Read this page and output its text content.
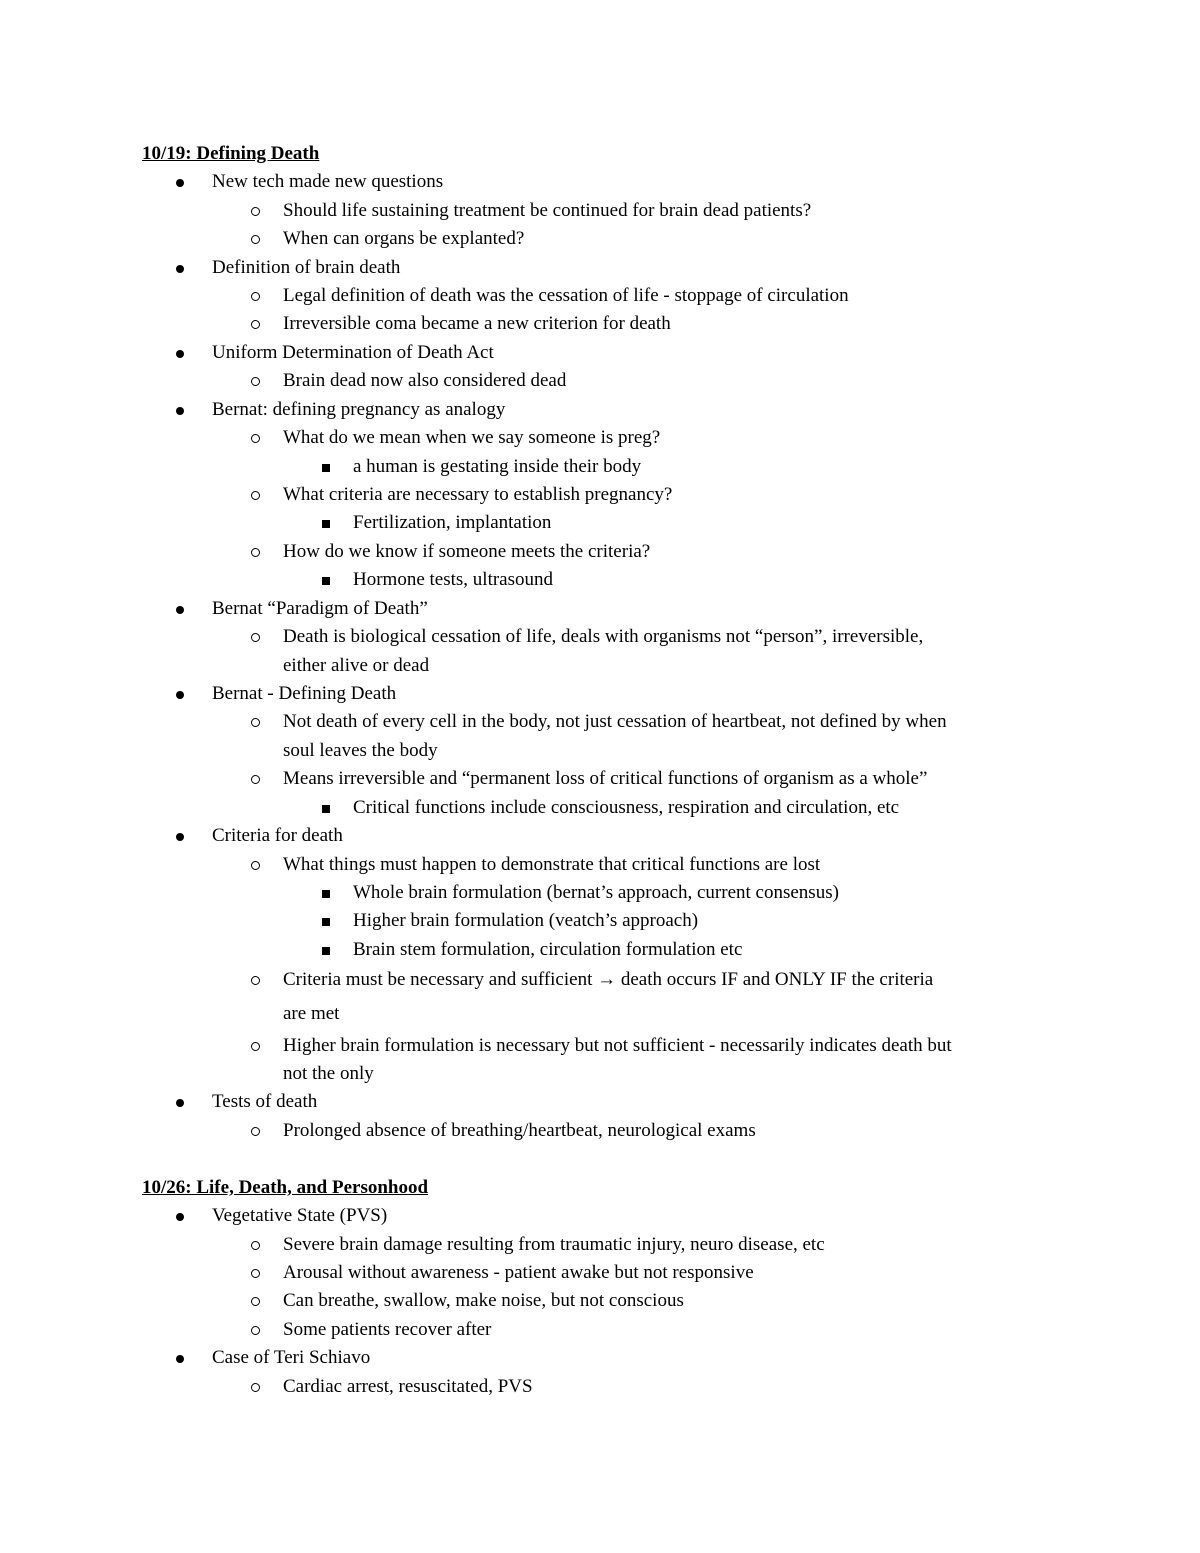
10/19: Defining Death
New tech made new questions
Should life sustaining treatment be continued for brain dead patients?
When can organs be explanted?
Definition of brain death
Legal definition of death was the cessation of life - stoppage of circulation
Irreversible coma became a new criterion for death
Uniform Determination of Death Act
Brain dead now also considered dead
Bernat: defining pregnancy as analogy
What do we mean when we say someone is preg?
a human is gestating inside their body
What criteria are necessary to establish pregnancy?
Fertilization, implantation
How do we know if someone meets the criteria?
Hormone tests, ultrasound
Bernat “Paradigm of Death”
Death is biological cessation of life, deals with organisms not “person”, irreversible,
either alive or dead
Bernat - Defining Death
Not death of every cell in the body, not just cessation of heartbeat, not defined by when
soul leaves the body
Means irreversible and “permanent loss of critical functions of organism as a whole”
Critical functions include consciousness, respiration and circulation, etc
Criteria for death
What things must happen to demonstrate that critical functions are lost
Whole brain formulation (bernat’s approach, current consensus)
Higher brain formulation (veatch’s approach)
Brain stem formulation, circulation formulation etc
Criteria must be necessary and sufficient → death occurs IF and ONLY IF the criteria
are met
Higher brain formulation is necessary but not sufficient - necessarily indicates death but
not the only
Tests of death
Prolonged absence of breathing/heartbeat, neurological exams
10/26: Life, Death, and Personhood
Vegetative State (PVS)
Severe brain damage resulting from traumatic injury, neuro disease, etc
Arousal without awareness - patient awake but not responsive
Can breathe, swallow, make noise, but not conscious
Some patients recover after
Case of Teri Schiavo
Cardiac arrest, resuscitated, PVS
